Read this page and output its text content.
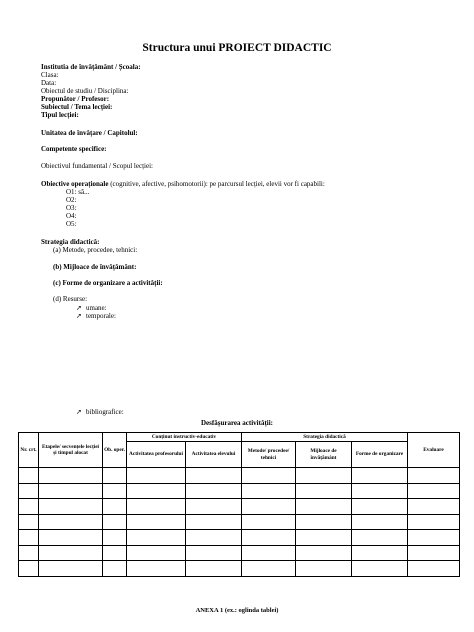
Structura unui PROIECT DIDACTIC
Institutia de învățământ / Școala:
Clasa:
Data:
Obiectul de studiu / Disciplina:
Propunător / Profesor:
Subiectul / Tema lecției:
Tipul lecției:
Unitatea de învățare / Capitolul:
Competente specifice:
Obiectivul fundamental / Scopul lecției:
Obiective operaționale (cognitive, afective, psihomotorii): pe parcursul lecției, elevii vor fi capabili:
O1: să...
O2:
O3:
O4:
O5:
Strategia didactică:
(a) Metode, procedee, tehnici:
(b) Mijloace de învățământ:
(c) Forme de organizare a activității:
(d) Resurse:
➚ umane:
➚ temporale:
➚ bibliografice:
Desfășurarea activității:
Nr. crt.	Etapele/ secvențele lecției și timpul alocat	Ob. oper.	Conținut instructiv-educativ		Strategia didactică			Evaluare
			Activitatea profesorului	Activitatea elevului	Metode/ procedee/ tehnici	Mijloace de învățământ	Forme de organizare	

ANEXA 1 (ex.: oglinda tablei)
